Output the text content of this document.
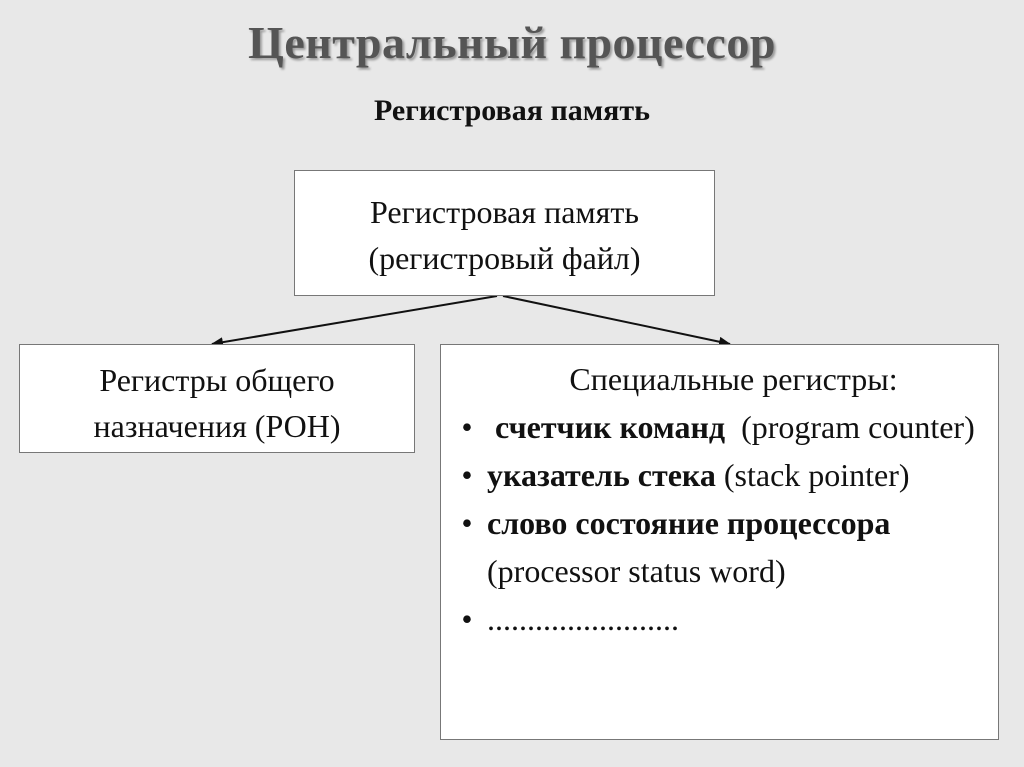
Центральный процессор
Регистровая память
Регистровая память
(регистровый файл)
Регистры общего
назначения (РОН)
Специальные регистры:
• счетчик команд  (program counter)
• указатель стека (stack pointer)
• слово состояние процессора (processor status word)
• ........................
